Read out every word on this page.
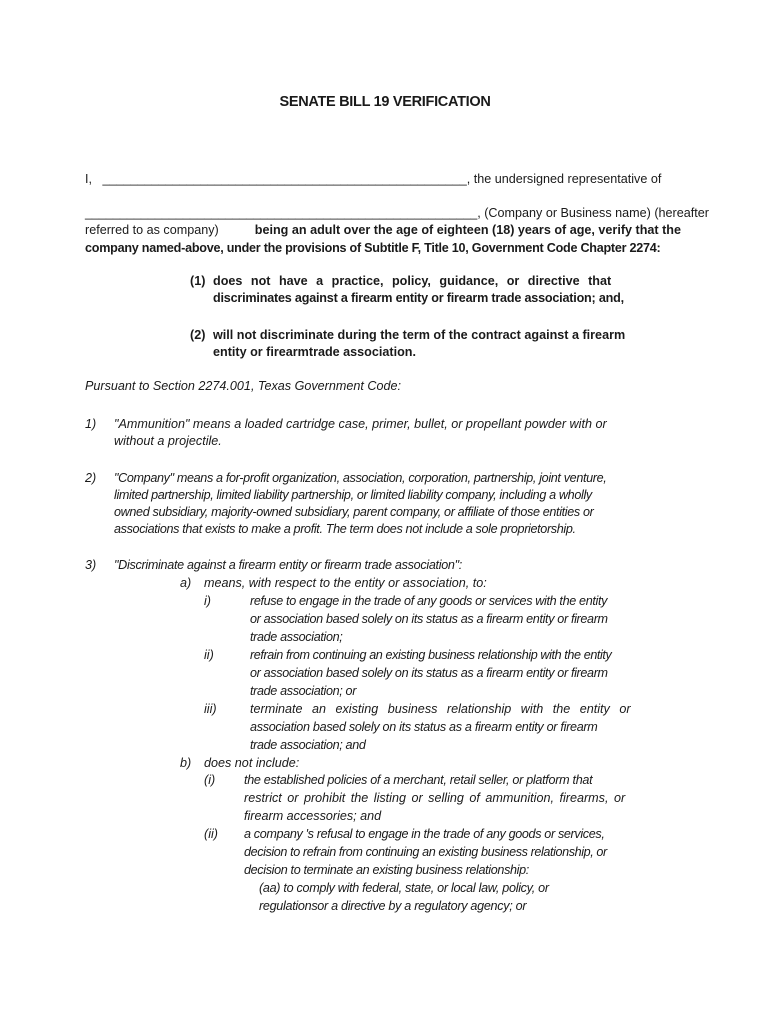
SENATE BILL 19 VERIFICATION
I, ____________________________________________________, the undersigned representative of
________________________________________________________, (Company or Business name) (hereafter
referred to as company)	being an adult over the age of eighteen (18) years of age, verify that the
company named-above, under the provisions of Subtitle F, Title 10, Government Code Chapter 2274:
(1) does not have a practice, policy, guidance, or directive that
discriminates against a firearm entity or firearm trade association; and,
(2) will not discriminate during the term of the contract against a firearm
entity or firearmtrade association.
Pursuant to Section 2274.001, Texas Government Code:
1) "Ammunition" means a loaded cartridge case, primer, bullet, or propellant powder with or
without a projectile.
2) "Company" means a for-profit organization, association, corporation, partnership, joint venture,
limited partnership, limited liability partnership, or limited liability company, including a wholly
owned subsidiary, majority-owned subsidiary, parent company, or affiliate of those entities or
associations that exists to make a profit. The term does not include a sole proprietorship.
3) "Discriminate against a firearm entity or firearm trade association":
a) means, with respect to the entity or association, to:
i)	refuse to engage in the trade of any goods or services with the entity
or association based solely on its status as a firearm entity or firearm
trade association;
ii)	refrain from continuing an existing business relationship with the entity
or association based solely on its status as a firearm entity or firearm
trade association; or
iii)	terminate an existing business relationship with the entity or
association based solely on its status as a firearm entity or firearm
trade association; and
b) does not include:
(i) the established policies of a merchant, retail seller, or platform that
restrict or prohibit the listing or selling of ammunition, firearms, or
firearm accessories; and
(ii) a company 's refusal to engage in the trade of any goods or services,
decision to refrain from continuing an existing business relationship, or
decision to terminate an existing business relationship:
(aa) to comply with federal, state, or local law, policy, or
regulationsor a directive by a regulatory agency; or
